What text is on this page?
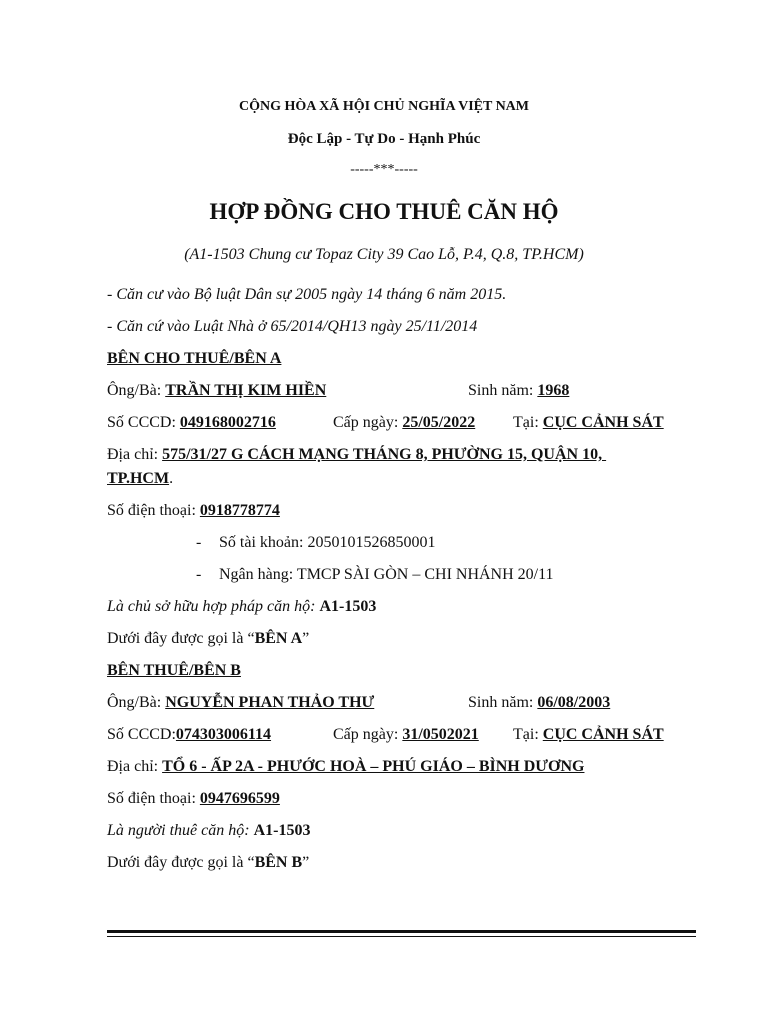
CỘNG HÒA XÃ HỘI CHỦ NGHĨA VIỆT NAM
Độc Lập - Tự Do - Hạnh Phúc
-----***-----
HỢP ĐỒNG CHO THUÊ CĂN HỘ
(A1-1503 Chung cư Topaz City 39 Cao Lỗ, P.4, Q.8, TP.HCM)
- Căn cư vào Bộ luật Dân sự 2005 ngày 14 tháng 6 năm 2015.
- Căn cứ vào Luật Nhà ở 65/2014/QH13 ngày 25/11/2014
BÊN CHO THUÊ/BÊN A
Ông/Bà: TRẦN THỊ KIM HIỀN	Sinh năm: 1968
Số CCCD: 049168002716	Cấp ngày: 25/05/2022 Tại: CỤC CẢNH SÁT
Địa chỉ: 575/31/27 G CÁCH MẠNG THÁNG 8, PHƯỜNG 15, QUẬN 10,
TP.HCM.
Số điện thoại: 0918778774
- Số tài khoản: 2050101526850001
- Ngân hàng: TMCP SÀI GÒN – CHI NHÁNH 20/11
Là chủ sở hữu hợp pháp căn hộ: A1-1503
Dưới đây được gọi là “BÊN A”
BÊN THUÊ/BÊN B
Ông/Bà: NGUYỄN PHAN THẢO THƯ	Sinh năm: 06/08/2003
Số CCCD:074303006114	Cấp ngày: 31/0502021 Tại: CỤC CẢNH SÁT
Địa chỉ: TỔ 6 - ẤP 2A - PHƯỚC HOÀ – PHÚ GIÁO – BÌNH DƯƠNG
Số điện thoại: 0947696599
Là người thuê căn hộ: A1-1503
Dưới đây được gọi là “BÊN B”
